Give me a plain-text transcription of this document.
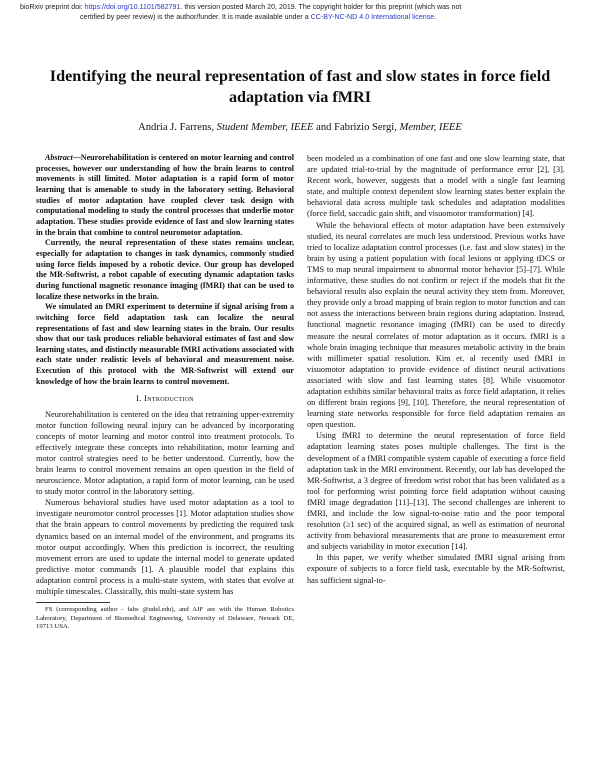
bioRxiv preprint doi: https://doi.org/10.1101/582791. this version posted March 20, 2019. The copyright holder for this preprint (which was not
certified by peer review) is the author/funder. It is made available under a CC-BY-NC-ND 4.0 International license.
Identifying the neural representation of fast and slow states in force field adaptation via fMRI
Andria J. Farrens, Student Member, IEEE and Fabrizio Sergi, Member, IEEE

Abstract—Neurorehabilitation is centered on motor learning and control processes, however our understanding of how the brain learns to control movements is still limited. Motor adaptation is a rapid form of motor learning that is amenable to study in the laboratory setting. Behavioral studies of motor adaptation have coupled clever task design with computational modeling to study the control processes that underlie motor adaptation. These studies provide evidence of fast and slow learning states in the brain that combine to control neuromotor adaptation.

Currently, the neural representation of these states remains unclear, especially for adaptation to changes in task dynamics, commonly studied using force fields imposed by a robotic device. Our group has developed the MR-Softwrist, a robot capable of executing dynamic adaptation tasks during functional magnetic resonance imaging (fMRI) that can be used to localize these networks in the brain.

We simulated an fMRI experiment to determine if signal arising from a switching force field adaptation task can localize the neural representations of fast and slow learning states in the brain. Our results show that our task produces reliable behavioral estimates of fast and slow learning states, and distinctly measurable fMRI activations associated with each state under realistic levels of behavioral and measurement noise. Execution of this protocol with the MR-Softwrist will extend our knowledge of how the brain learns to control movement.

I. Introduction

Neurorehabilitation is centered on the idea that retraining upper-extremity motor function following neural injury can be advanced by incorporating concepts of motor learning and motor control into treatment protocols. To effectively integrate these concepts into rehabilitation, motor learning and motor control strategies need to be better understood. Currently, how the brain learns to control movement remains an open question in the field of neuroscience. Motor adaptation, a rapid form of motor learning, can be used to study motor control in the laboratory setting.

Numerous behavioral studies have used motor adaptation as a tool to investigate neuromotor control processes [1]. Motor adaptation studies show that the brain appears to control movements by predicting the required task dynamics based on an internal model of the environment, and programs its motor output accordingly. When this prediction is incorrect, the resulting movement errors are used to update the internal model to generate updated predictive motor commands [1]. A plausible model that explains this adaptation control process is a multi-state system, with states that evolve at multiple timescales. Classically, this multi-state system has

FS (corresponding author - fabs @udel.edu), and AJF are with the Human Robotics Laboratory, Department of Biomedical Engineering, University of Delaware, Newark DE, 19713 USA.

been modeled as a combination of one fast and one slow learning state, that are updated trial-to-trial by the magnitude of performance error [2], [3]. Recent work, however, suggests that a model with a single fast learning state, and multiple context dependent slow learning states better explain the behavioral data across multiple task schedules and adaptation modalities (force field, saccadic gain shift, and visuomotor transformation) [4].

While the behavioral effects of motor adaptation have been extensively studied, its neural correlates are much less understood. Previous works have tried to localize adaptation control processes (i.e. fast and slow states) in the brain by using a patient population with focal lesions or applying tDCS or TMS to map neural impairment to abnormal motor behavior [5]–[7]. While informative, these studies do not confirm or reject if the models that fit the behavioral results also explain the neural activity they stem from. Moreover, they provide only a broad mapping of brain region to motor function and can not assess the interactions between brain regions during adaptation. Instead, functional magnetic resonance imaging (fMRI) can be used to directly measure the neural correlates of motor adaptation as it occurs. fMRI is a whole brain imaging technique that measures metabolic activity in the brain with millimeter spatial resolution. Kim et. al recently used fMRI in visuomotor adaptation to provide evidence of distinct neural activations associated with slow and fast learning states [8]. While visuomotor adaptation exhibits similar behavioral traits as force field adaptation, it relies on different brain regions [9], [10]. Therefore, the neural representation of learning state networks responsible for force field adaptation remains an open question.

Using fMRI to determine the neural representation of force field adaptation learning states poses multiple challenges. The first is the development of a fMRI compatible system capable of executing a force field adaptation task in the MRI environment. Recently, our lab has developed the MR-Softwrist, a 3 degree of freedom wrist robot that has been validated as a tool for performing wrist pointing force field adaptation without causing fMRI image degradation [11]–[13]. The second challenges are inherent to fMRI, and include the low signal-to-noise ratio and the poor temporal resolution (≥1 sec) of the acquired signal, as well as estimation of neuronal activity from behavioral measurements that are prone to measurement error and subjects variability in motor execution [14].

In this paper, we verify whether simulated fMRI signal arising from exposure of subjects to a force field task, executable by the MR-Softwrist, has sufficient signal-to-
